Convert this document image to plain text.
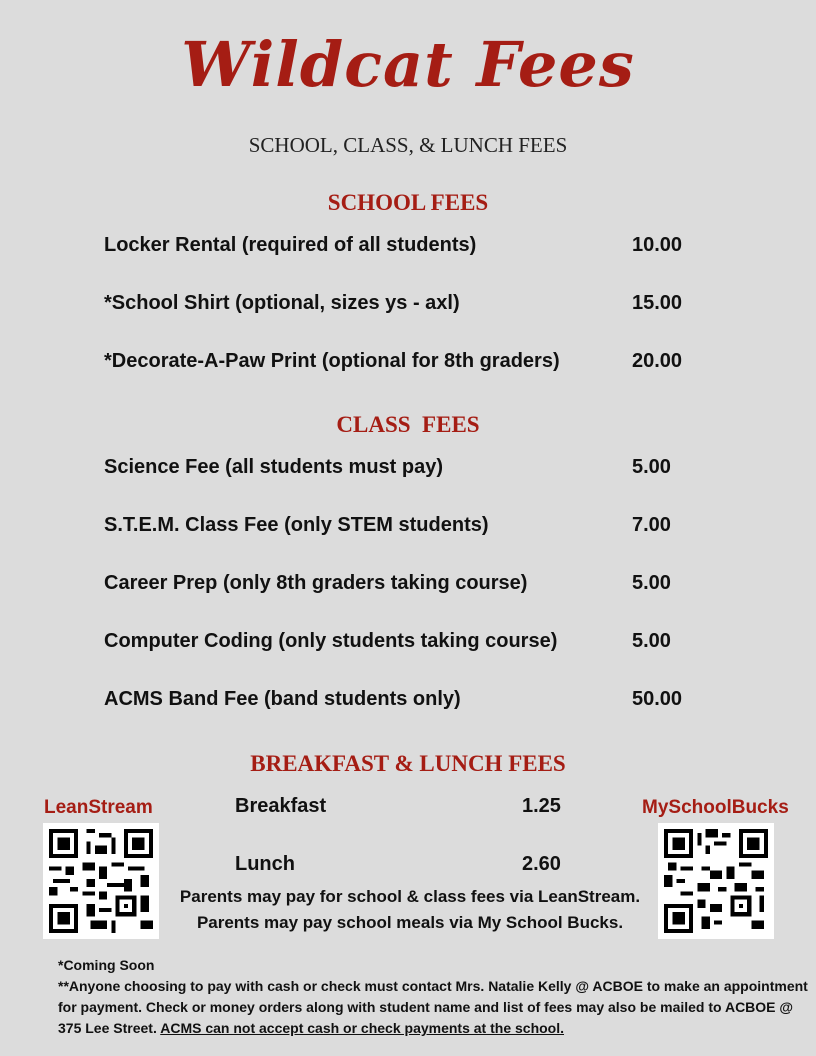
Wildcat Fees
SCHOOL, CLASS, & LUNCH FEES
SCHOOL FEES
Locker Rental (required of all students)	10.00
*School Shirt (optional, sizes ys - axl)	15.00
*Decorate-A-Paw Print (optional for 8th graders)	20.00
CLASS  FEES
Science Fee (all students must pay)	5.00
S.T.E.M. Class Fee (only STEM students)	7.00
Career Prep (only 8th graders taking course)	5.00
Computer Coding (only students taking course)	5.00
ACMS Band Fee (band students only)	50.00
BREAKFAST & LUNCH FEES
Breakfast	1.25
Lunch	2.60
LeanStream	MySchoolBucks
Parents may pay for school & class fees via LeanStream.
Parents may pay school meals via My School Bucks.
*Coming Soon
**Anyone choosing to pay with cash or check must contact Mrs. Natalie Kelly @ ACBOE to make an appointment for payment. Check or money orders along with student name and list of fees may also be mailed to ACBOE @ 375 Lee Street. ACMS can not accept cash or check payments at the school.
